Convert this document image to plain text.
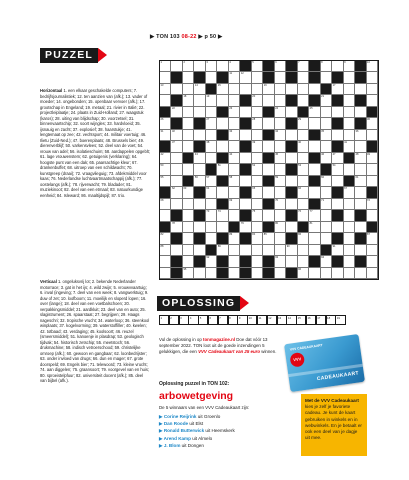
▶ TON 103 08-22 ▶ p 50 ▶
PUZZEL
Horizontaal 1. een elkaar geschakelde computers; 7. bedrijfsjournalistiek; 12. ten aanzien van (afk.); 13. vader of moeder; 14. ongebonden; 15. openbaar vervoer (afk.); 17. grootschap in Engeland; 19. metaal; 21. rivier in Italië; 22. projectleiplaatje; 24. plaats in Zuid-Holland; 27. waagstuk (karos); 28. uiting van blijdschap; 30. voorzetsel; 31. binnenvaartschip; 32. soort wijngles; 33. hardvloeid; 35. ijsnauig en zacht; 37. explosief; 38. haarstukje; 41. lengtemaat op zee; 42. vechtsport; 44. militair voertuig; 46. Ilietu (Zuid-Ned.); 47. boerenplaats; 48. Brussels bier; 49. dierenverblijf; 50. varkensvlees; 52. deel van de voet; 54. vrouw van adel; 56. isolatieschuim; 58. aardappelen opgeblt; 61. lage vrouwenstem; 62. getuigenis (verklaring); 64. hoogste punt van een dak; 65. paarsachtige kleur; 67. drankenbuffet; 68. uitroep van een schildwacht; 70. kunstgreep (draai); 72. vraagvlieguig; 73. afdekmiddel voor kaas; 76. Nederlandse luchtvaartmaatschappij (afk.); 77. oostelangs (afk.); 78. rijverwacht; 79. bladader; 81. muziekinoot; 82. deel van een etmaal; 83. natuurkundige eenheid; 84. Isleward; 86. maaltijdspijl; 87. trio.
Verticaal 1. ongeluksvrij lot; 2. bekende Nederlander motorrace; 3. gat in het ijs; 4. wild zwijn; 5. vrouwvvaartuig; 6. inval (ingeving; 7. deel van een week; 8. vangwerktuig; 9. duw of zet; 10. loofboom; 11. moeilijk en sloperd lopen; 16. over (lange); 18. deel van een voetbalschoen; 20. verpakkingsmiddel; 21. aardkluit; 23. deel van en auto; 25. slagistrument; 26. spaarstaat; 27. begrijpen; 29. Haags nageschri; 32. tropische vrucht; 34. waterloop; 36. steenkool winplaats; 37. kogelvorming; 39. waterstoffiller; 40. kwelen; 42. totbaad; 43. verdaging; 45. koolsoort; 46. reuzel (smeersmiddel); 51. kanoenje in plasdrap; 53. geologisch tijdvak; 54. historisch zetschip; 55. meetstoch; 56. drukmachine; 58. indisch vetroerschood; 59. christelijke omroep (afk.); 60. gewoon en gangbaar; 62. loonbedrijster; 63. onder invloed van drugs; 66. dun en mager; 67. grote doorspeld; 69. Engels bier; 71. telewoord; 73. kleine vrucht; 74. aan diggelen; 75. graansoort; 79. voorgevel van en huis; 80. sproeistelpfuur; 82. universiteit docent (afk.); 85. deel van bijbel (afk.).
1	2	3	4	5	6	7	8	9	10
11	12
13	14	15	16	17
18	19	20	21
22	23	24	25
26	27	28	29	30
31	32	33	34	35	36
37	38	39	40	41
42	43	44	45	46	47	48	49
50	51	52	53	54
55	56	57	58	59	60	61
62	63	64	65	66	67
68	69	70	71	72
73	74	75	76	77
78	79	80	81
82	83	84	85	86	87
88	89	90	91
92	93	94
95	96
OPLOSSING
1	2	3	4	5	6	7	8	9	10 11 12 13 14 15 16 17 18 19
Vul de oplossing in op tonmagazine.nl Doe dat vóór 13 september 2022. TON loot uit de goede inzendingen 5 gelukkigen, die een VVV Cadeaukaart van 25 euro winnen.
Oplossing puzzel in TON 102:
arbowetgeving
De 5 winnaars van een VVV Cadeaukaart zijn:
▶ Corine Reijrink uit Groenlo
▶ Dan Roode uit Elst
▶ Ronald Butterwick uit Heemskerk
▶ Arend Kamp uit Almelo
▶ J. Blom uit Dongen
VVV CADEAUKAART
VVV
CADEAUKAART
Met de VVV Cadeaukaart kies je zelf je favoriete cadeau. Je kunt de kaart gebruiken in winkels en in webwinkels. En je betaalt er ook een deel van je dagje uit mee.
